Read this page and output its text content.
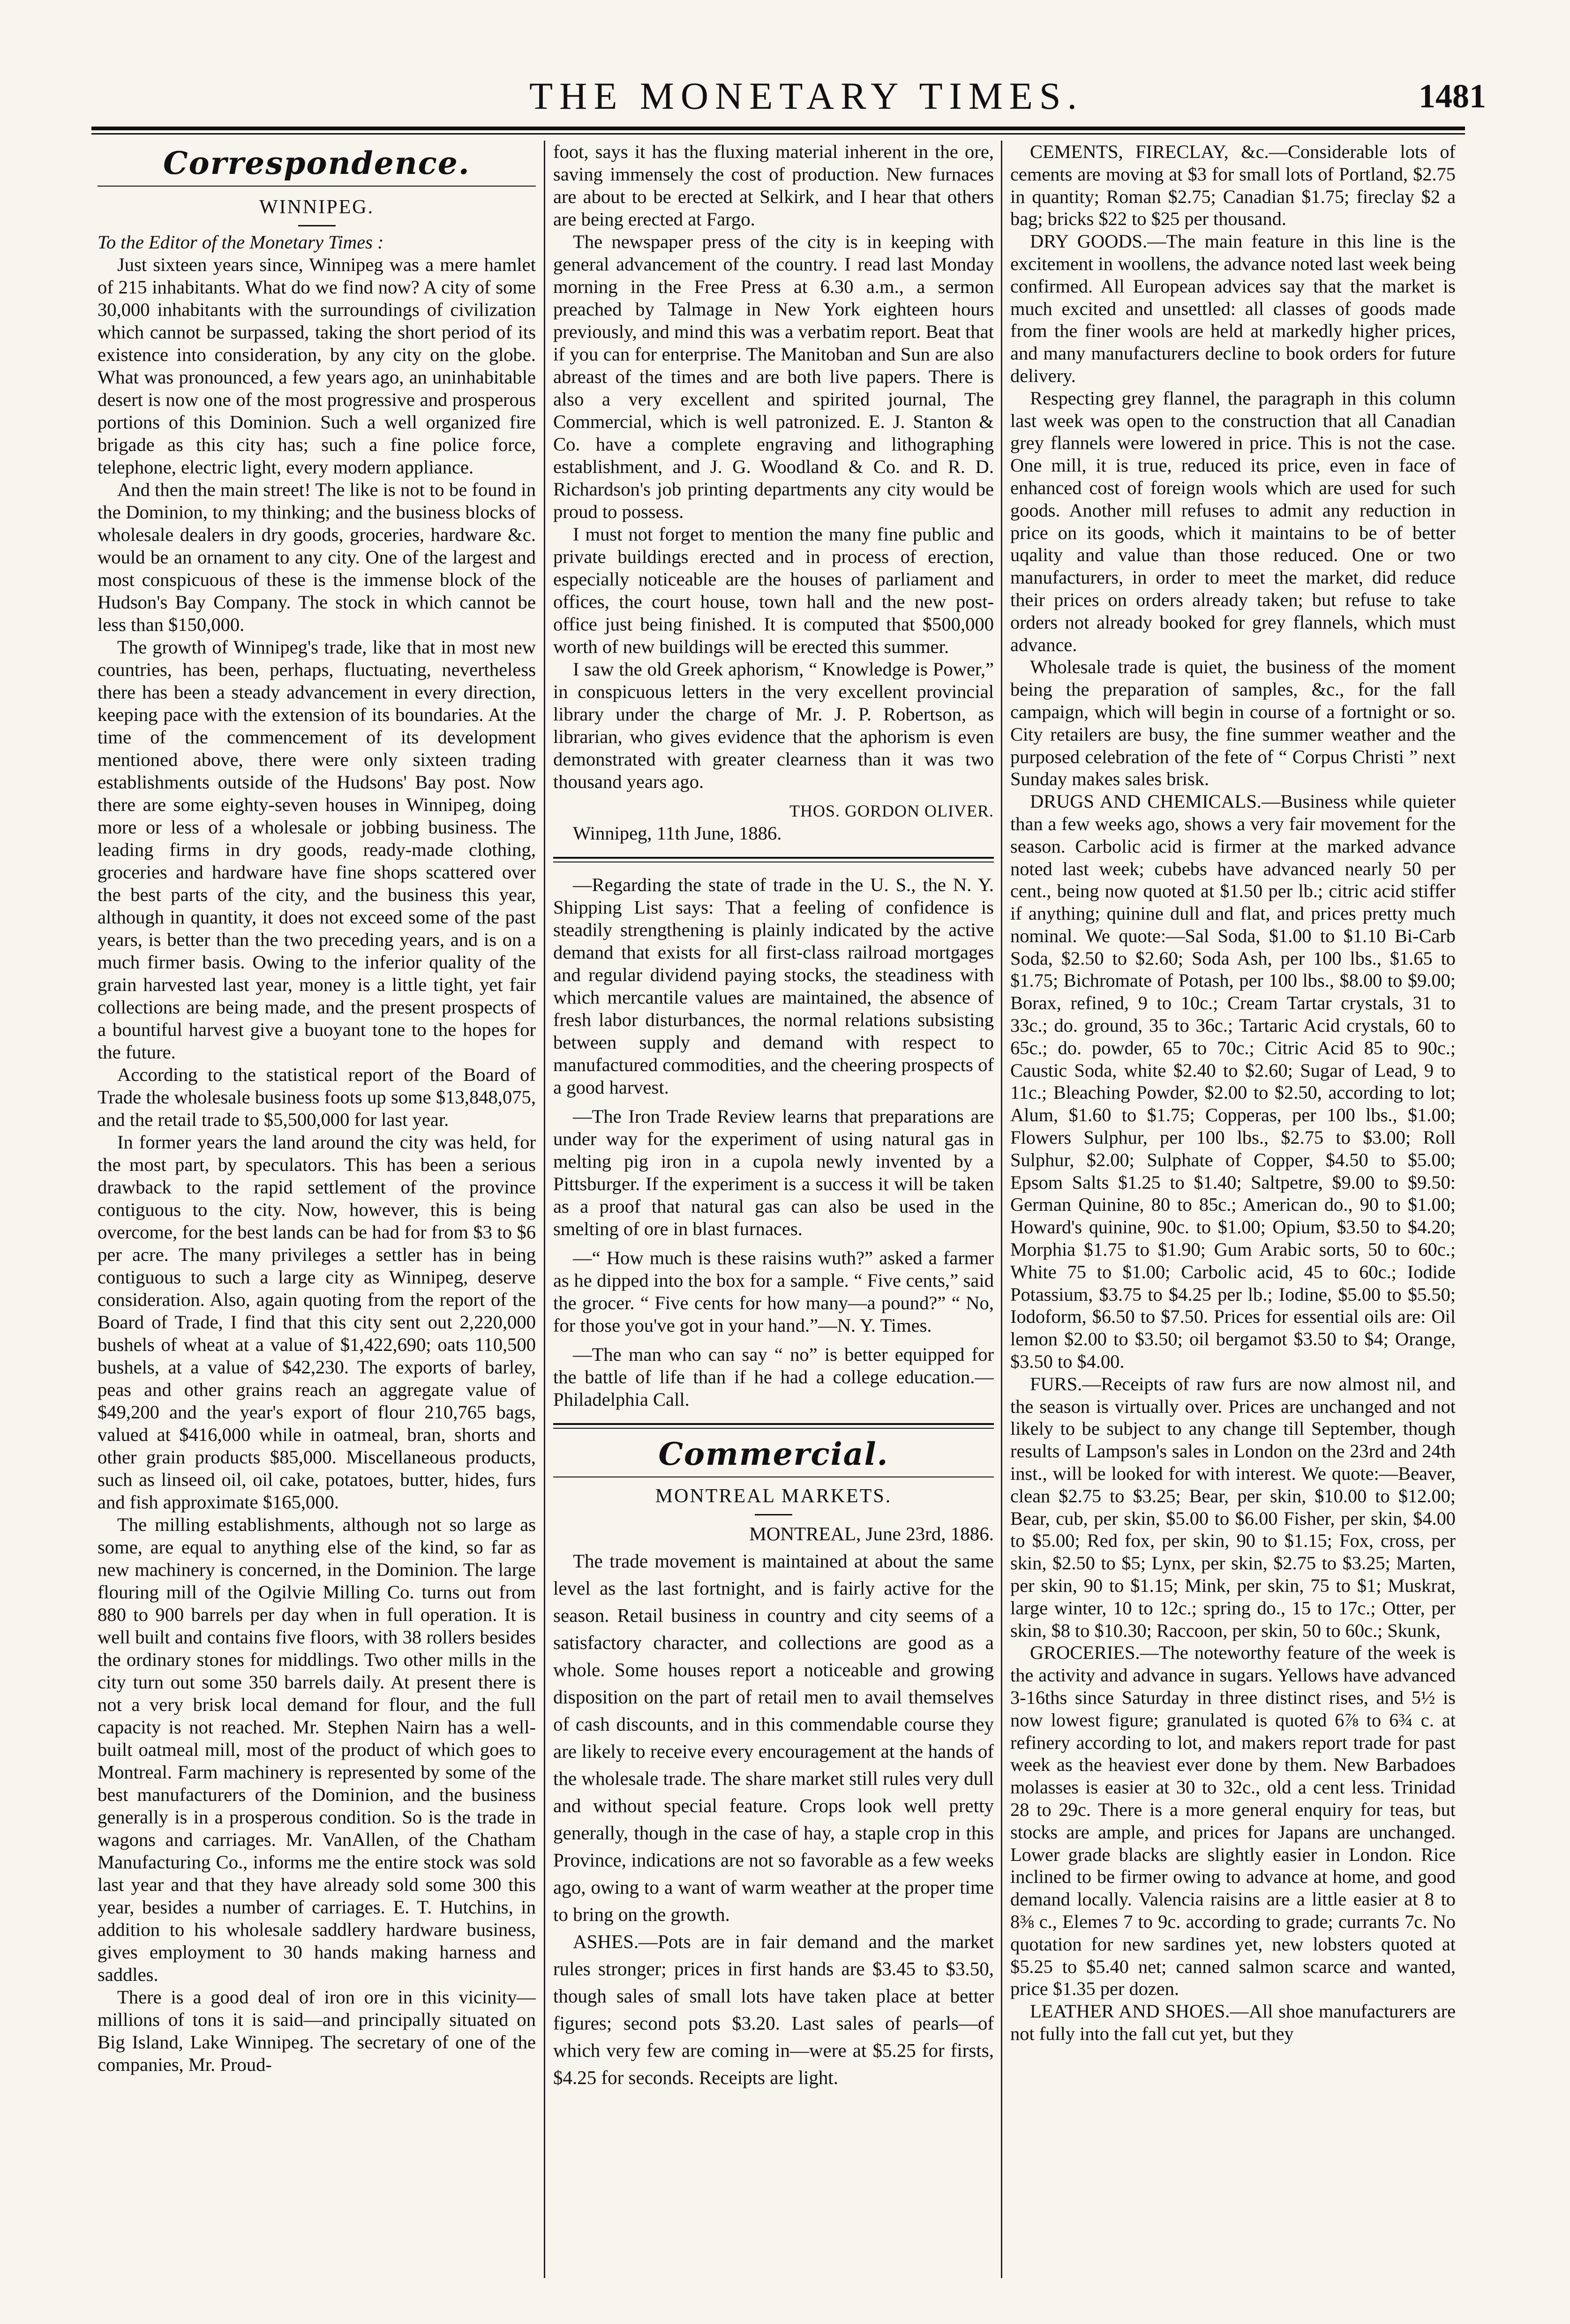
THE MONETARY TIMES.	1481
Correspondence.
WINNIPEG.

To the Editor of the Monetary Times :

Just sixteen years since, Winnipeg was a mere hamlet of 215 inhabitants. What do we find now? A city of some 30,000 inhabitants with the surroundings of civilization which cannot be surpassed, taking the short period of its existence into consideration, by any city on the globe. What was pronounced, a few years ago, an uninhabitable desert is now one of the most progressive and prosperous portions of this Dominion. Such a well organized fire brigade as this city has; such a fine police force, telephone, electric light, every modern appliance.

And then the main street! The like is not to be found in the Dominion, to my thinking; and the business blocks of wholesale dealers in dry goods, groceries, hardware &c. would be an ornament to any city. One of the largest and most conspicuous of these is the immense block of the Hudson's Bay Company. The stock in which cannot be less than $150,000.

The growth of Winnipeg's trade, like that in most new countries, has been, perhaps, fluctuating, nevertheless there has been a steady advancement in every direction, keeping pace with the extension of its boundaries. At the time of the commencement of its development mentioned above, there were only sixteen trading establishments outside of the Hudsons' Bay post. Now there are some eighty-seven houses in Winnipeg, doing more or less of a wholesale or jobbing business. The leading firms in dry goods, ready-made clothing, groceries and hardware have fine shops scattered over the best parts of the city, and the business this year, although in quantity, it does not exceed some of the past years, is better than the two preceding years, and is on a much firmer basis. Owing to the inferior quality of the grain harvested last year, money is a little tight, yet fair collections are being made, and the present prospects of a bountiful harvest give a buoyant tone to the hopes for the future.

According to the statistical report of the Board of Trade the wholesale business foots up some $13,848,075, and the retail trade to $5,500,000 for last year.

In former years the land around the city was held, for the most part, by speculators. This has been a serious drawback to the rapid settlement of the province contiguous to the city. Now, however, this is being overcome, for the best lands can be had for from $3 to $6 per acre. The many privileges a settler has in being contiguous to such a large city as Winnipeg, deserve consideration. Also, again quoting from the report of the Board of Trade, I find that this city sent out 2,220,000 bushels of wheat at a value of $1,422,690; oats 110,500 bushels, at a value of $42,230. The exports of barley, peas and other grains reach an aggregate value of $49,200 and the year's export of flour 210,765 bags, valued at $416,000 while in oatmeal, bran, shorts and other grain products $85,000. Miscellaneous products, such as linseed oil, oil cake, potatoes, butter, hides, furs and fish approximate $165,000.

The milling establishments, although not so large as some, are equal to anything else of the kind, so far as new machinery is concerned, in the Dominion. The large flouring mill of the Ogilvie Milling Co. turns out from 880 to 900 barrels per day when in full operation. It is well built and contains five floors, with 38 rollers besides the ordinary stones for middlings. Two other mills in the city turn out some 350 barrels daily. At present there is not a very brisk local demand for flour, and the full capacity is not reached. Mr. Stephen Nairn has a well-built oatmeal mill, most of the product of which goes to Montreal. Farm machinery is represented by some of the best manufacturers of the Dominion, and the business generally is in a prosperous condition. So is the trade in wagons and carriages. Mr. VanAllen, of the Chatham Manufacturing Co., informs me the entire stock was sold last year and that they have already sold some 300 this year, besides a number of carriages. E. T. Hutchins, in addition to his wholesale saddlery hardware business, gives employment to 30 hands making harness and saddles.

There is a good deal of iron ore in this vicinity—millions of tons it is said—and principally situated on Big Island, Lake Winnipeg. The secretary of one of the companies, Mr. Proud-

foot, says it has the fluxing material inherent in the ore, saving immensely the cost of production. New furnaces are about to be erected at Selkirk, and I hear that others are being erected at Fargo.

The newspaper press of the city is in keeping with general advancement of the country. I read last Monday morning in the Free Press at 6.30 a.m., a sermon preached by Talmage in New York eighteen hours previously, and mind this was a verbatim report. Beat that if you can for enterprise. The Manitoban and Sun are also abreast of the times and are both live papers. There is also a very excellent and spirited journal, The Commercial, which is well patronized. E. J. Stanton & Co. have a complete engraving and lithographing establishment, and J. G. Woodland & Co. and R. D. Richardson's job printing departments any city would be proud to possess.

I must not forget to mention the many fine public and private buildings erected and in process of erection, especially noticeable are the houses of parliament and offices, the court house, town hall and the new post-office just being finished. It is computed that $500,000 worth of new buildings will be erected this summer.

I saw the old Greek aphorism, “ Knowledge is Power,” in conspicuous letters in the very excellent provincial library under the charge of Mr. J. P. Robertson, as librarian, who gives evidence that the aphorism is even demonstrated with greater clearness than it was two thousand years ago.

THOS. GORDON OLIVER.

Winnipeg, 11th June, 1886.

—Regarding the state of trade in the U. S., the N. Y. Shipping List says: That a feeling of confidence is steadily strengthening is plainly indicated by the active demand that exists for all first-class railroad mortgages and regular dividend paying stocks, the steadiness with which mercantile values are maintained, the absence of fresh labor disturbances, the normal relations subsisting between supply and demand with respect to manufactured commodities, and the cheering prospects of a good harvest.

—The Iron Trade Review learns that preparations are under way for the experiment of using natural gas in melting pig iron in a cupola newly invented by a Pittsburger. If the experiment is a success it will be taken as a proof that natural gas can also be used in the smelting of ore in blast furnaces.

—“ How much is these raisins wuth?” asked a farmer as he dipped into the box for a sample. “ Five cents,” said the grocer. “ Five cents for how many—a pound?” “ No, for those you've got in your hand.”—N. Y. Times.

—The man who can say “ no” is better equipped for the battle of life than if he had a college education.—Philadelphia Call.

Commercial.
MONTREAL MARKETS.

MONTREAL, June 23rd, 1886.

The trade movement is maintained at about the same level as the last fortnight, and is fairly active for the season. Retail business in country and city seems of a satisfactory character, and collections are good as a whole. Some houses report a noticeable and growing disposition on the part of retail men to avail themselves of cash discounts, and in this commendable course they are likely to receive every encouragement at the hands of the wholesale trade. The share market still rules very dull and without special feature. Crops look well pretty generally, though in the case of hay, a staple crop in this Province, indications are not so favorable as a few weeks ago, owing to a want of warm weather at the proper time to bring on the growth.

ASHES.—Pots are in fair demand and the market rules stronger; prices in first hands are $3.45 to $3.50, though sales of small lots have taken place at better figures; second pots $3.20. Last sales of pearls—of which very few are coming in—were at $5.25 for firsts, $4.25 for seconds. Receipts are light.

CEMENTS, FIRECLAY, &c.—Considerable lots of cements are moving at $3 for small lots of Portland, $2.75 in quantity; Roman $2.75; Canadian $1.75; fireclay $2 a bag; bricks $22 to $25 per thousand.

DRY GOODS.—The main feature in this line is the excitement in woollens, the advance noted last week being confirmed. All European advices say that the market is much excited and unsettled: all classes of goods made from the finer wools are held at markedly higher prices, and many manufacturers decline to book orders for future delivery.

Respecting grey flannel, the paragraph in this column last week was open to the construction that all Canadian grey flannels were lowered in price. This is not the case. One mill, it is true, reduced its price, even in face of enhanced cost of foreign wools which are used for such goods. Another mill refuses to admit any reduction in price on its goods, which it maintains to be of better uqality and value than those reduced. One or two manufacturers, in order to meet the market, did reduce their prices on orders already taken; but refuse to take orders not already booked for grey flannels, which must advance.

Wholesale trade is quiet, the business of the moment being the preparation of samples, &c., for the fall campaign, which will begin in course of a fortnight or so. City retailers are busy, the fine summer weather and the purposed celebration of the fete of “ Corpus Christi ” next Sunday makes sales brisk.

DRUGS AND CHEMICALS.—Business while quieter than a few weeks ago, shows a very fair movement for the season. Carbolic acid is firmer at the marked advance noted last week; cubebs have advanced nearly 50 per cent., being now quoted at $1.50 per lb.; citric acid stiffer if anything; quinine dull and flat, and prices pretty much nominal. We quote:—Sal Soda, $1.00 to $1.10 Bi-Carb Soda, $2.50 to $2.60; Soda Ash, per 100 lbs., $1.65 to $1.75; Bichromate of Potash, per 100 lbs., $8.00 to $9.00; Borax, refined, 9 to 10c.; Cream Tartar crystals, 31 to 33c.; do. ground, 35 to 36c.; Tartaric Acid crystals, 60 to 65c.; do. powder, 65 to 70c.; Citric Acid 85 to 90c.; Caustic Soda, white $2.40 to $2.60; Sugar of Lead, 9 to 11c.; Bleaching Powder, $2.00 to $2.50, according to lot; Alum, $1.60 to $1.75; Copperas, per 100 lbs., $1.00; Flowers Sulphur, per 100 lbs., $2.75 to $3.00; Roll Sulphur, $2.00; Sulphate of Copper, $4.50 to $5.00; Epsom Salts $1.25 to $1.40; Saltpetre, $9.00 to $9.50: German Quinine, 80 to 85c.; American do., 90 to $1.00; Howard's quinine, 90c. to $1.00; Opium, $3.50 to $4.20; Morphia $1.75 to $1.90; Gum Arabic sorts, 50 to 60c.; White 75 to $1.00; Carbolic acid, 45 to 60c.; Iodide Potassium, $3.75 to $4.25 per lb.; Iodine, $5.00 to $5.50; Iodoform, $6.50 to $7.50. Prices for essential oils are: Oil lemon $2.00 to $3.50; oil bergamot $3.50 to $4; Orange, $3.50 to $4.00.

FURS.—Receipts of raw furs are now almost nil, and the season is virtually over. Prices are unchanged and not likely to be subject to any change till September, though results of Lampson's sales in London on the 23rd and 24th inst., will be looked for with interest. We quote:—Beaver, clean $2.75 to $3.25; Bear, per skin, $10.00 to $12.00; Bear, cub, per skin, $5.00 to $6.00 Fisher, per skin, $4.00 to $5.00; Red fox, per skin, 90 to $1.15; Fox, cross, per skin, $2.50 to $5; Lynx, per skin, $2.75 to $3.25; Marten, per skin, 90 to $1.15; Mink, per skin, 75 to $1; Muskrat, large winter, 10 to 12c.; spring do., 15 to 17c.; Otter, per skin, $8 to $10.30; Raccoon, per skin, 50 to 60c.; Skunk,

GROCERIES.—The noteworthy feature of the week is the activity and advance in sugars. Yellows have advanced 3-16ths since Saturday in three distinct rises, and 5½ is now lowest figure; granulated is quoted 6⅞ to 6¾ c. at refinery according to lot, and makers report trade for past week as the heaviest ever done by them. New Barbadoes molasses is easier at 30 to 32c., old a cent less. Trinidad 28 to 29c. There is a more general enquiry for teas, but stocks are ample, and prices for Japans are unchanged. Lower grade blacks are slightly easier in London. Rice inclined to be firmer owing to advance at home, and good demand locally. Valencia raisins are a little easier at 8 to 8⅜ c., Elemes 7 to 9c. according to grade; currants 7c. No quotation for new sardines yet, new lobsters quoted at $5.25 to $5.40 net; canned salmon scarce and wanted, price $1.35 per dozen.

LEATHER AND SHOES.—All shoe manufacturers are not fully into the fall cut yet, but they
